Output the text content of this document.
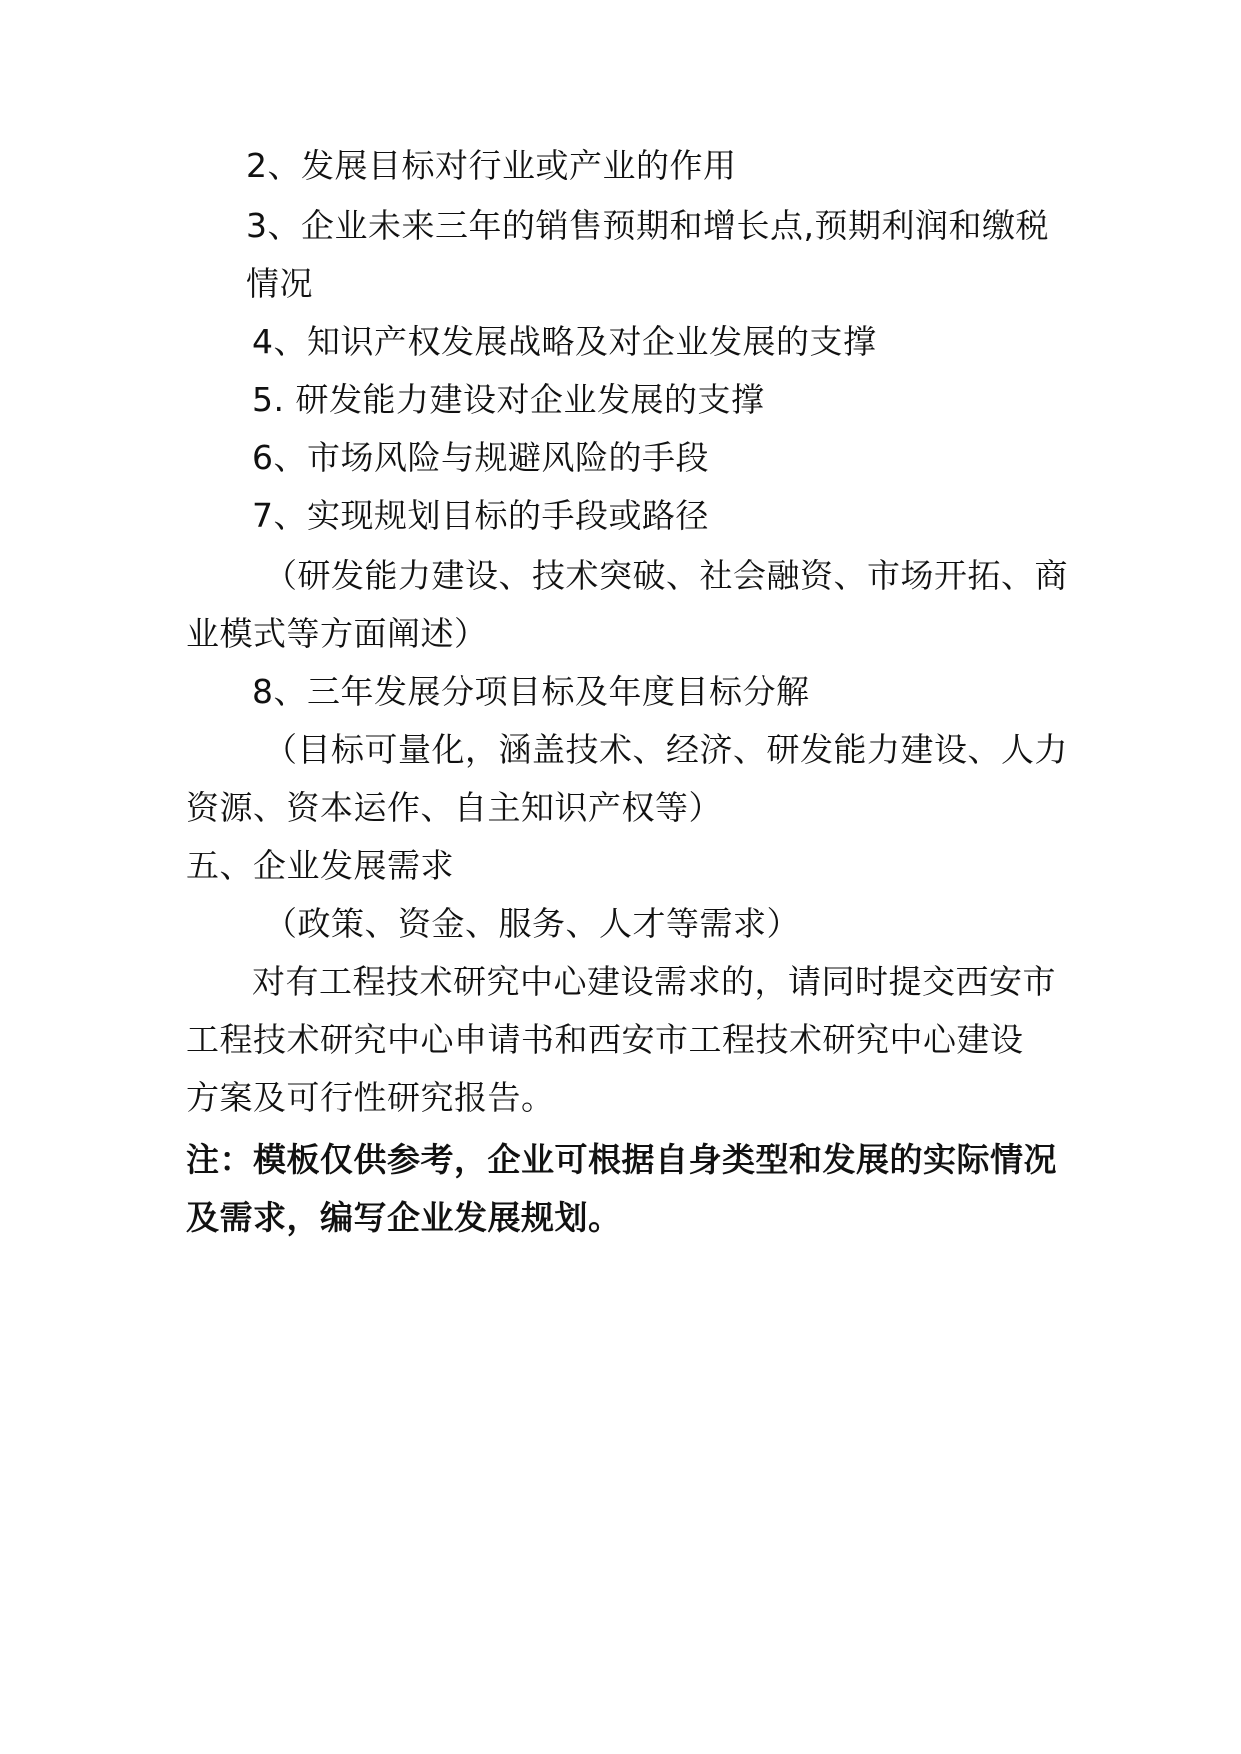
2、发展目标对行业或产业的作用
3、企业未来三年的销售预期和增长点,预期利润和缴税
情况
4、知识产权发展战略及对企业发展的支撑
5. 研发能力建设对企业发展的支撑
6、市场风险与规避风险的手段
7、实现规划目标的手段或路径
（研发能力建设、技术突破、社会融资、市场开拓、商
业模式等方面阐述）
8、三年发展分项目标及年度目标分解
（目标可量化，涵盖技术、经济、研发能力建设、人力
资源、资本运作、自主知识产权等）
五、企业发展需求
（政策、资金、服务、人才等需求）
对有工程技术研究中心建设需求的，请同时提交西安市
工程技术研究中心申请书和西安市工程技术研究中心建设
方案及可行性研究报告。
注：模板仅供参考，企业可根据自身类型和发展的实际情况
及需求，编写企业发展规划。
